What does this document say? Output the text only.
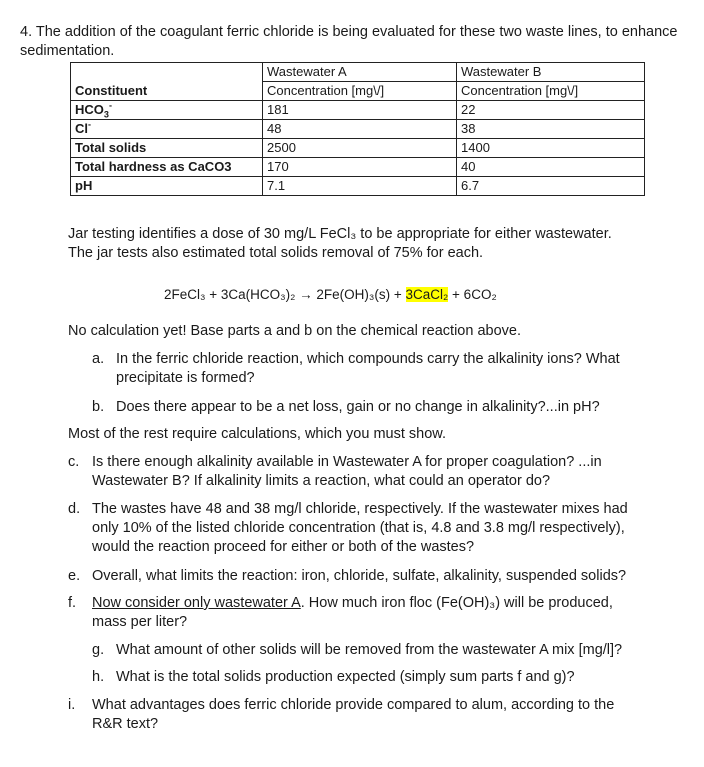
4. The addition of the coagulant ferric chloride is being evaluated for these two waste lines, to enhance sedimentation.
	Wastewater A	Wastewater B
Constituent	Concentration [mg\/]	Concentration [mg\/]
$HCO_3^-$	181	22
Cl-	48	38
Total solids	2500	1400
Total hardness as CaCO3	170	40
pH	7.1	6.7
Jar testing identifies a dose of 30 mg/L FeCl₃ to be appropriate for either wastewater.
The jar tests also estimated total solids removal of 75% for each.
2FeCl₃ + 3Ca(HCO₃)₂ → 2Fe(OH)₃(s) + 3CaCl₂ + 6CO₂
No calculation yet! Base parts a and b on the chemical reaction above.
a. In the ferric chloride reaction, which compounds carry the alkalinity ions? What
precipitate is formed?
b. Does there appear to be a net loss, gain or no change in alkalinity?...in pH?
Most of the rest require calculations, which you must show.
c. Is there enough alkalinity available in Wastewater A for proper coagulation? ...in
Wastewater B? If alkalinity limits a reaction, what could an operator do?
d. The wastes have 48 and 38 mg/l chloride, respectively. If the wastewater mixes had
only 10% of the listed chloride concentration (that is, 4.8 and 3.8 mg/l respectively),
would the reaction proceed for either or both of the wastes?
e. Overall, what limits the reaction: iron, chloride, sulfate, alkalinity, suspended solids?
f. Now consider only wastewater A. How much iron floc (Fe(OH)₃) will be produced,
mass per liter?
g. What amount of other solids will be removed from the wastewater A mix [mg/l]?
h. What is the total solids production expected (simply sum parts f and g)?
i. What advantages does ferric chloride provide compared to alum, according to the
R&R text?
